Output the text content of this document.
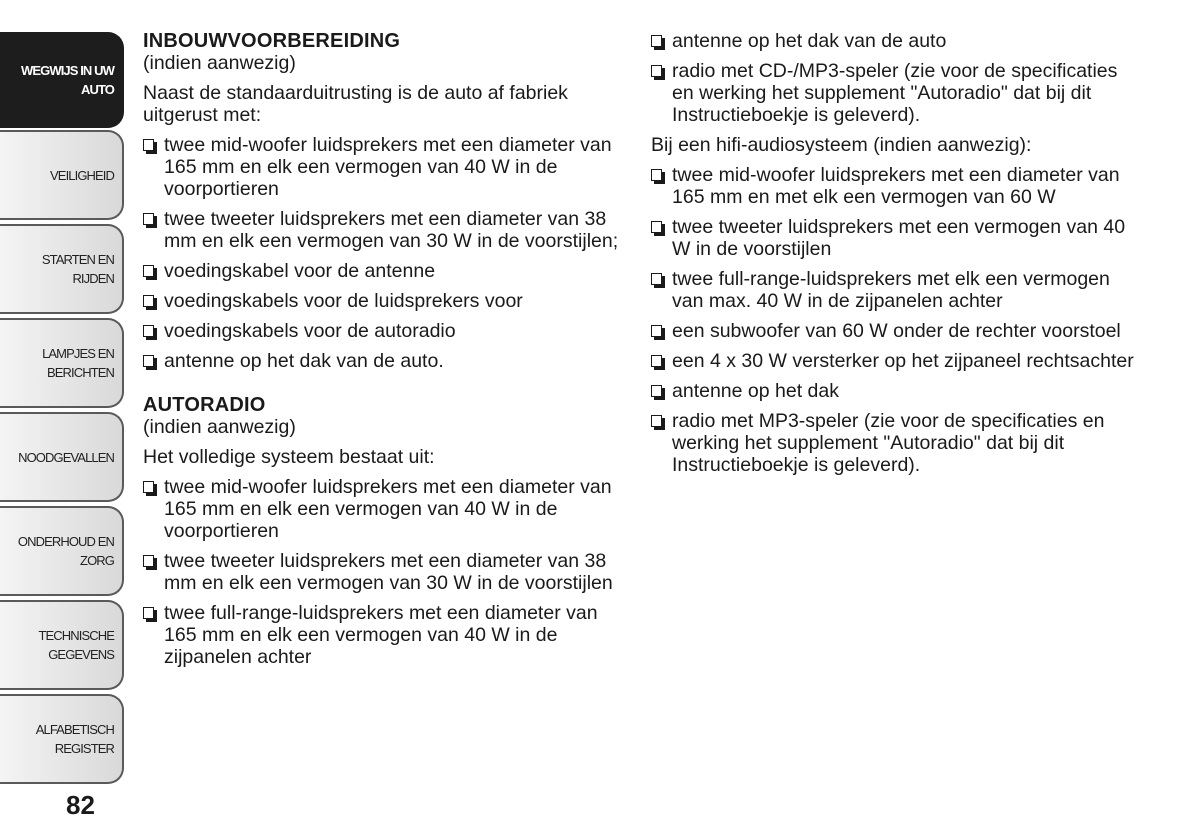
WEGWIJS IN UW
AUTO
VEILIGHEID
STARTEN EN RIJDEN
LAMPJES EN
BERICHTEN
NOODGEVALLEN
ONDERHOUD EN
ZORG
TECHNISCHE
GEGEVENS
ALFABETISCH
REGISTER
82
INBOUWVOORBEREIDING

(indien aanwezig)

Naast de standaarduitrusting is de auto af fabriek uitgerust met:

twee mid-woofer luidsprekers met een diameter van 165 mm en elk een vermogen van 40 W in de voorportieren
twee tweeter luidsprekers met een diameter van 38 mm en elk een vermogen van 30 W in de voorstijlen;
voedingskabel voor de antenne
voedingskabels voor de luidsprekers voor
voedingskabels voor de autoradio
antenne op het dak van de auto.
AUTORADIO

(indien aanwezig)

Het volledige systeem bestaat uit:

twee mid-woofer luidsprekers met een diameter van 165 mm en elk een vermogen van 40 W in de voorportieren
twee tweeter luidsprekers met een diameter van 38 mm en elk een vermogen van 30 W in de voorstijlen
twee full-range-luidsprekers met een diameter van 165 mm en elk een vermogen van 40 W in de zijpanelen achter
antenne op het dak van de auto
radio met CD-/MP3-speler (zie voor de specificaties en werking het supplement "Autoradio" dat bij dit Instructieboekje is geleverd).

Bij een hifi-audiosysteem (indien aanwezig):

twee mid-woofer luidsprekers met een diameter van 165 mm en met elk een vermogen van 60 W
twee tweeter luidsprekers met een vermogen van 40 W in de voorstijlen
twee full-range-luidsprekers met elk een vermogen van max. 40 W in de zijpanelen achter
een subwoofer van 60 W onder de rechter voorstoel
een 4 x 30 W versterker op het zijpaneel rechtsachter
antenne op het dak
radio met MP3-speler (zie voor de specificaties en werking het supplement "Autoradio" dat bij dit Instructieboekje is geleverd).
